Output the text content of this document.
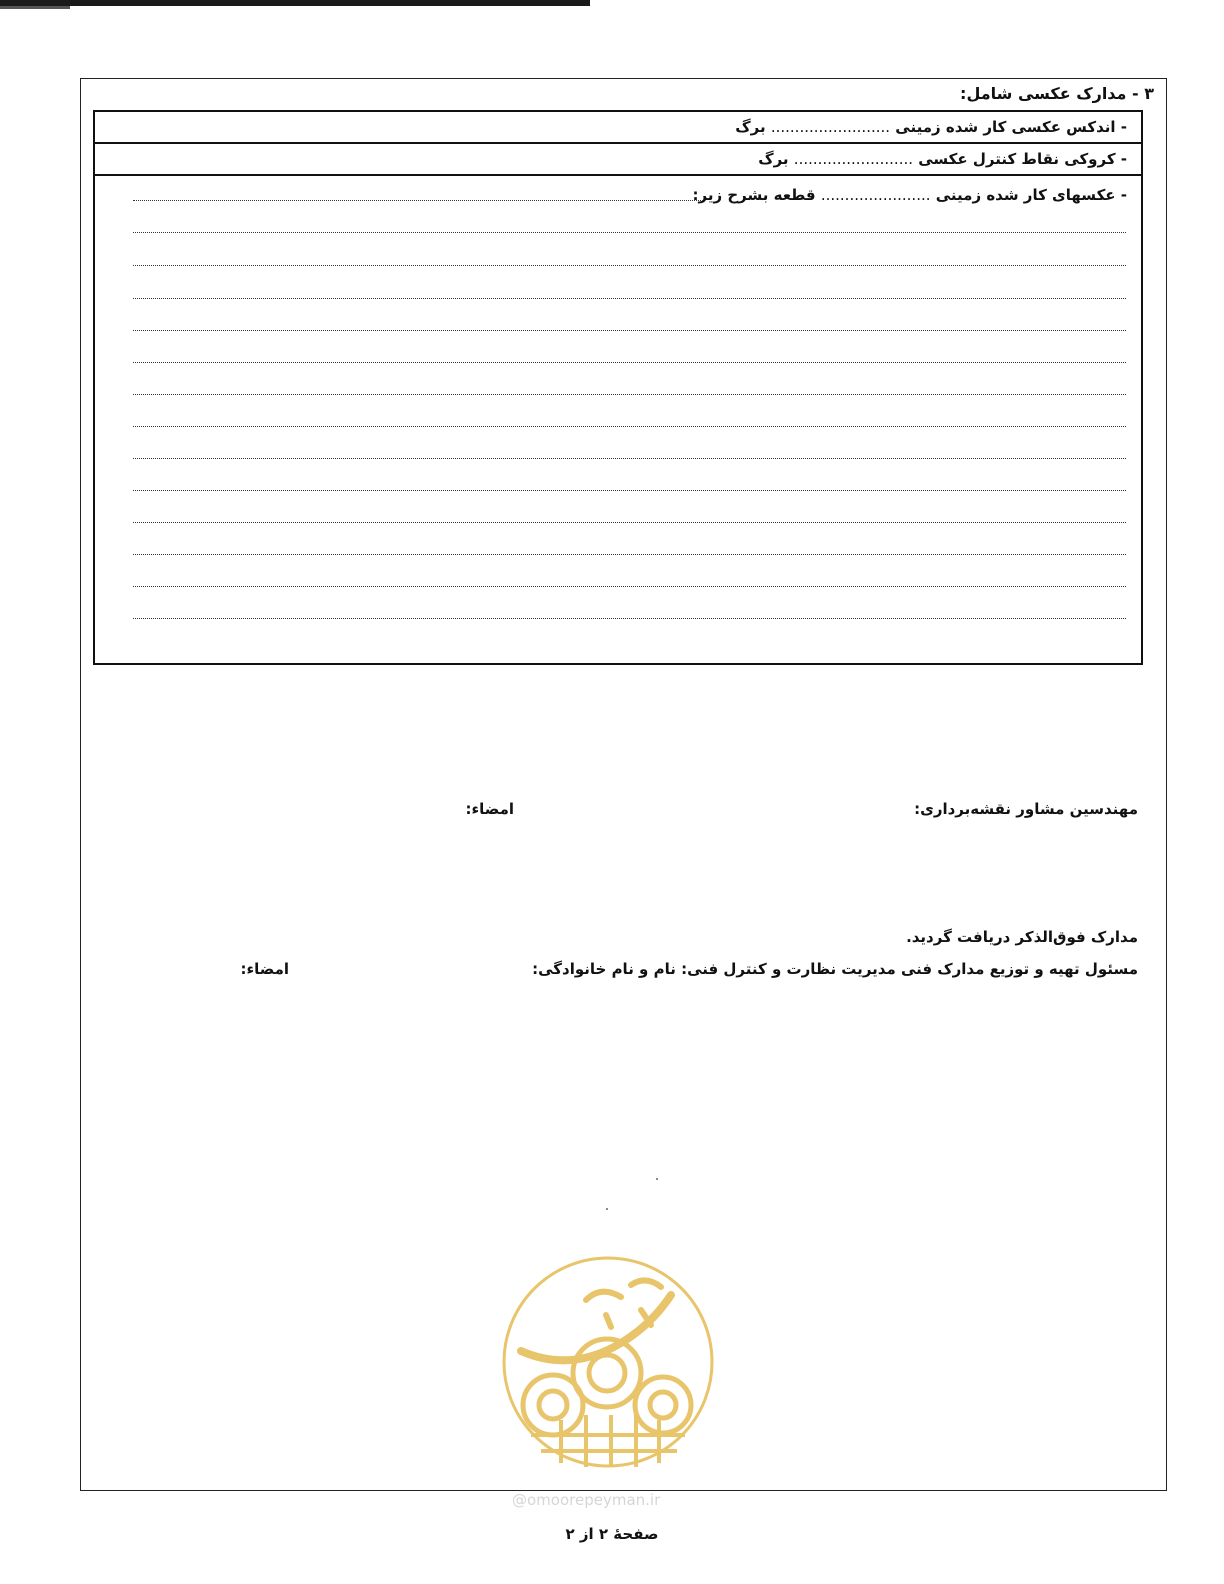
۳ - مدارک عکسی شامل:
- اندکس عکسی کار شده زمینی ......................... برگ
- کروکی نقاط کنترل عکسی ......................... برگ
- عکسهای کار شده زمینی ....................... قطعه بشرح زیر:
مهندسین مشاور نقشه‌برداری:
امضاء:
مدارک فوق‌الذکر دریافت گردید.
مسئول تهیه و توزیع مدارک فنی مدیریت نظارت و کنترل فنی: نام و نام خانوادگی:
امضاء:
@omoorepeyman.ir
صفحهٔ ۲ از ۲
